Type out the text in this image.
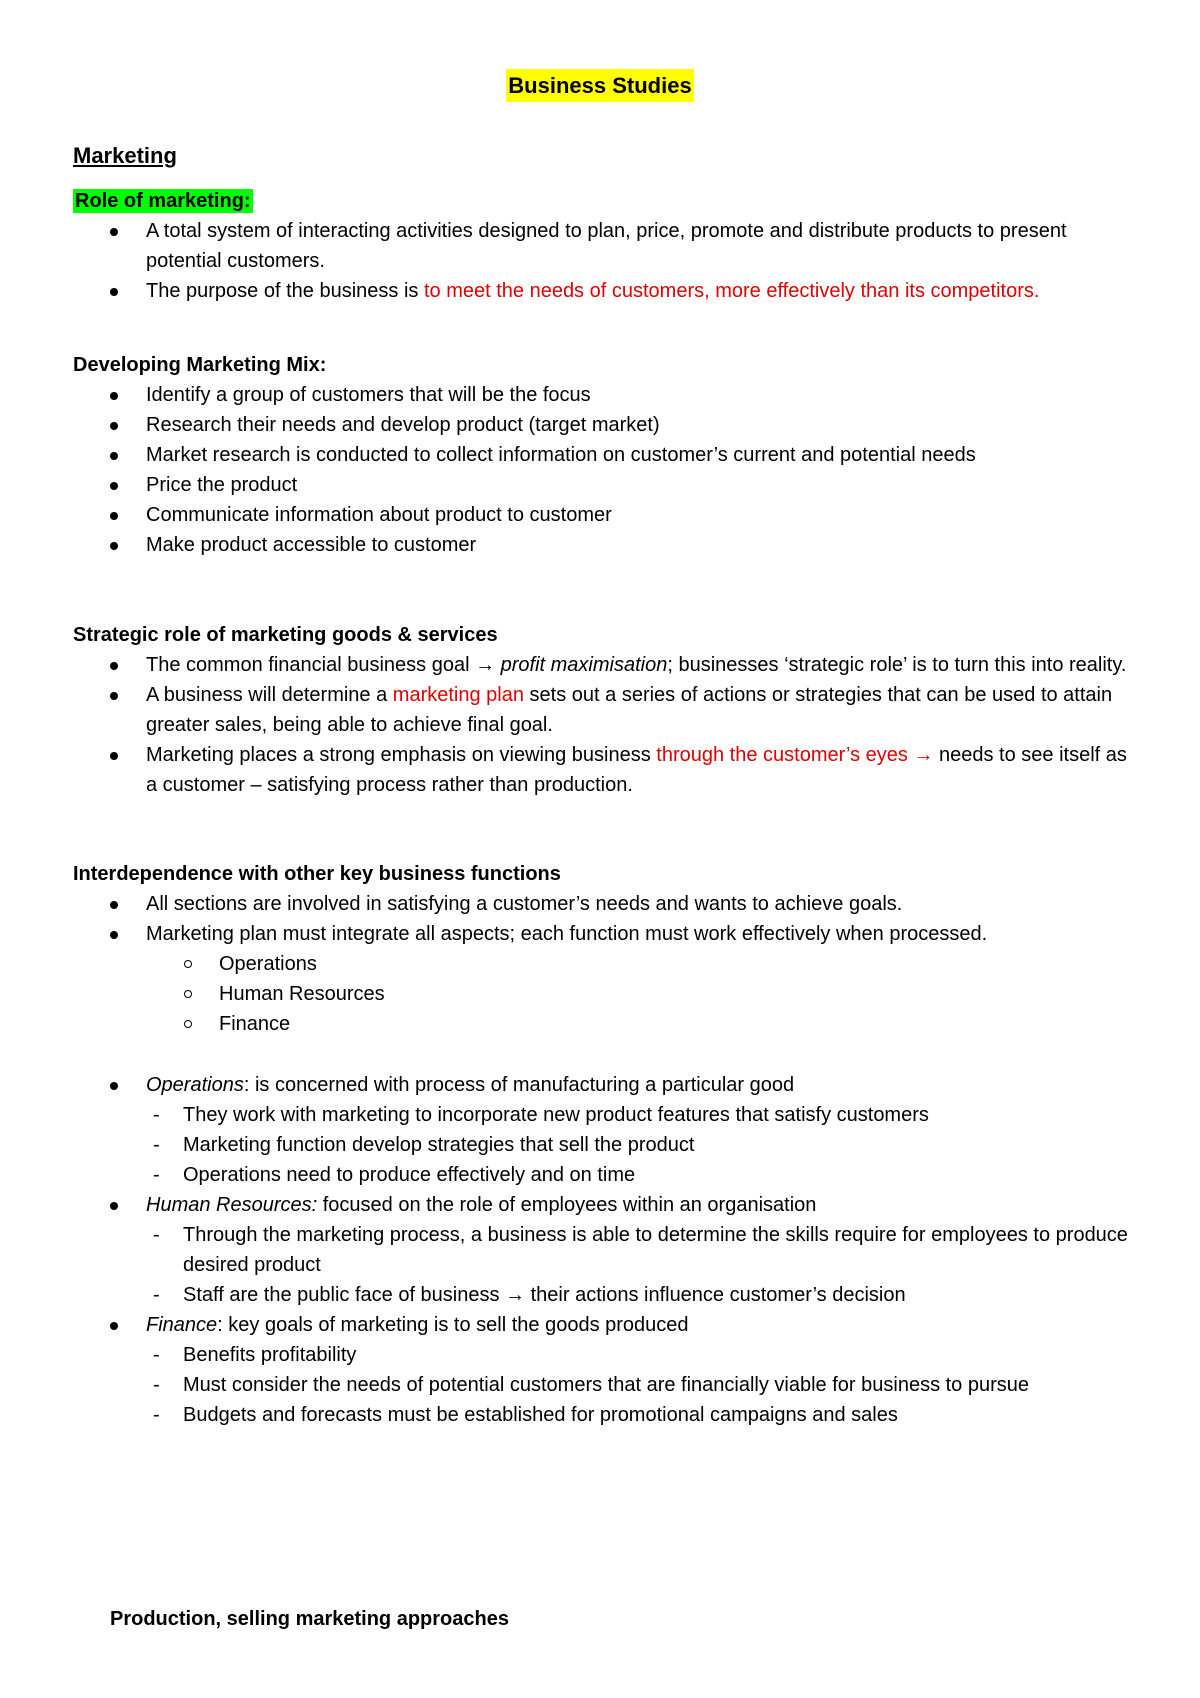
Business Studies
Marketing
Role of marketing:
A total system of interacting activities designed to plan, price, promote and distribute products to present potential customers.
The purpose of the business is to meet the needs of customers, more effectively than its competitors.
Developing Marketing Mix:
Identify a group of customers that will be the focus
Research their needs and develop product (target market)
Market research is conducted to collect information on customer’s current and potential needs
Price the product
Communicate information about product to customer
Make product accessible to customer
Strategic role of marketing goods & services
The common financial business goal → profit maximisation; businesses ‘strategic role’ is to turn this into reality.
A business will determine a marketing plan sets out a series of actions or strategies that can be used to attain greater sales, being able to achieve final goal.
Marketing places a strong emphasis on viewing business through the customer’s eyes → needs to see itself as a customer – satisfying process rather than production.
Interdependence with other key business functions
All sections are involved in satisfying a customer’s needs and wants to achieve goals.
Marketing plan must integrate all aspects; each function must work effectively when processed.
Operations
Human Resources
Finance
Operations: is concerned with process of manufacturing a particular good
- They work with marketing to incorporate new product features that satisfy customers
- Marketing function develop strategies that sell the product
- Operations need to produce effectively and on time
Human Resources: focused on the role of employees within an organisation
- Through the marketing process, a business is able to determine the skills require for employees to produce desired product
- Staff are the public face of business → their actions influence customer’s decision
Finance: key goals of marketing is to sell the goods produced
- Benefits profitability
- Must consider the needs of potential customers that are financially viable for business to pursue
- Budgets and forecasts must be established for promotional campaigns and sales
Production, selling marketing approaches
